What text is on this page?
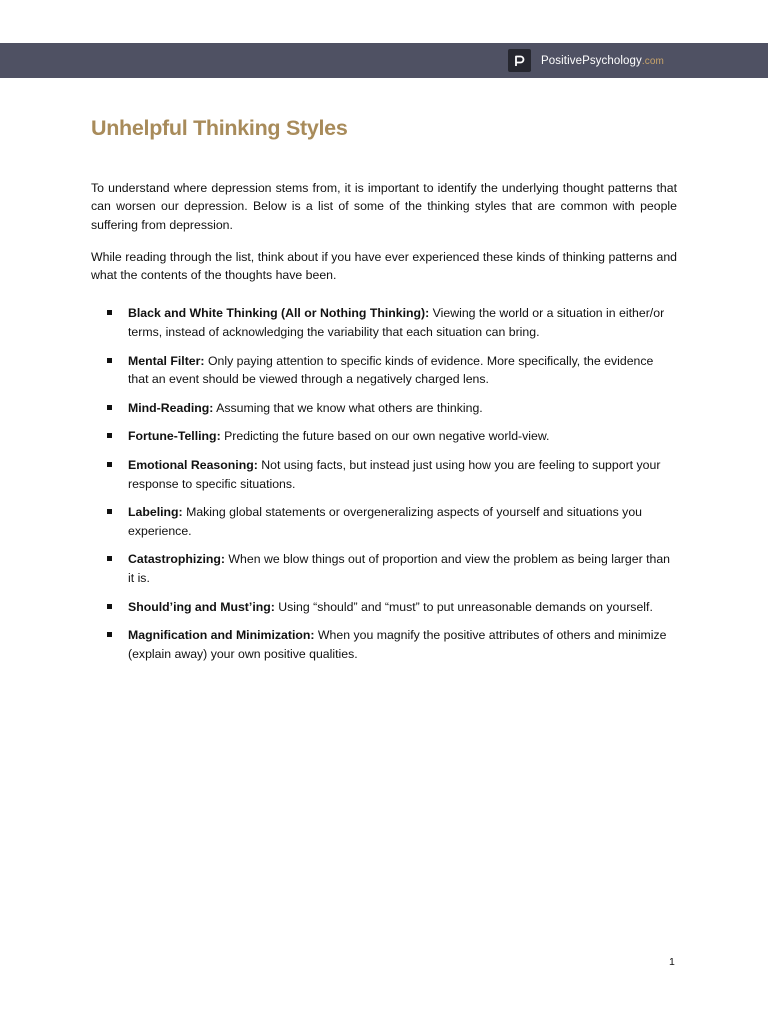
PositivePsychology.com
Unhelpful Thinking Styles

To understand where depression stems from, it is important to identify the underlying thought patterns that can worsen our depression. Below is a list of some of the thinking styles that are common with people suffering from depression.

While reading through the list, think about if you have ever experienced these kinds of thinking patterns and what the contents of the thoughts have been.

Black and White Thinking (All or Nothing Thinking): Viewing the world or a situation in either/or terms, instead of acknowledging the variability that each situation can bring.
Mental Filter: Only paying attention to specific kinds of evidence. More specifically, the evidence that an event should be viewed through a negatively charged lens.
Mind-Reading: Assuming that we know what others are thinking.
Fortune-Telling: Predicting the future based on our own negative world-view.
Emotional Reasoning: Not using facts, but instead just using how you are feeling to support your response to specific situations.
Labeling: Making global statements or overgeneralizing aspects of yourself and situations you experience.
Catastrophizing: When we blow things out of proportion and view the problem as being larger than it is.
Should’ing and Must’ing: Using “should” and “must” to put unreasonable demands on yourself.
Magnification and Minimization: When you magnify the positive attributes of others and minimize (explain away) your own positive qualities.
1
